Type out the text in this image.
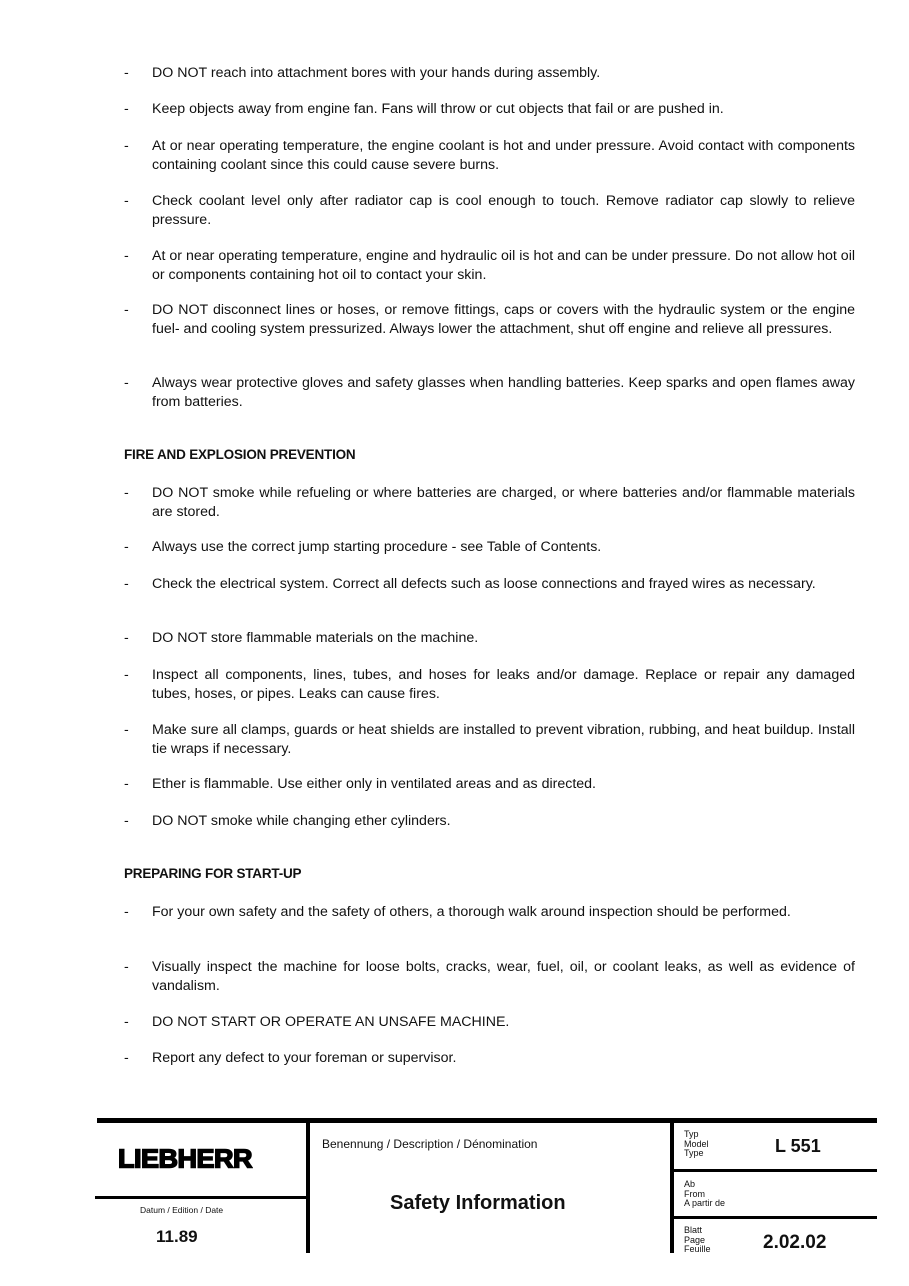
-	DO NOT reach into attachment bores with your hands during assembly.
-	Keep objects away from engine fan. Fans will throw or cut objects that fail or are pushed in.
-	At or near operating temperature, the engine coolant is hot and under pressure. Avoid contact with components containing coolant since this could cause severe burns.
-	Check coolant level only after radiator cap is cool enough to touch. Remove radiator cap slowly to relieve pressure.
-	At or near operating temperature, engine and hydraulic oil is hot and can be under pressure. Do not allow hot oil or components containing hot oil to contact your skin.
-	DO NOT disconnect lines or hoses, or remove fittings, caps or covers with the hydraulic system or the engine fuel- and cooling system pressurized. Always lower the attachment, shut off engine and relieve all pressures.
-	Always wear protective gloves and safety glasses when handling batteries. Keep sparks and open flames away from batteries.
FIRE AND EXPLOSION PREVENTION
-	DO NOT smoke while refueling or where batteries are charged, or where batteries and/or flammable materials are stored.
-	Always use the correct jump starting procedure - see Table of Contents.
-	Check the electrical system. Correct all defects such as loose connections and frayed wires as necessary.
-	DO NOT store flammable materials on the machine.
-	Inspect all components, lines, tubes, and hoses for leaks and/or damage. Replace or repair any damaged tubes, hoses, or pipes. Leaks can cause fires.
-	Make sure all clamps, guards or heat shields are installed to prevent vibration, rubbing, and heat buildup. Install tie wraps if necessary.
-	Ether is flammable. Use either only in ventilated areas and as directed.
-	DO NOT smoke while changing ether cylinders.
PREPARING FOR START-UP
-	For your own safety and the safety of others, a thorough walk around inspection should be performed.
-	Visually inspect the machine for loose bolts, cracks, wear, fuel, oil, or coolant leaks, as well as evidence of vandalism.
-	DO NOT START OR OPERATE AN UNSAFE MACHINE.
-	Report any defect to your foreman or supervisor.
LIEBHERR
Datum / Edition / Date
11.89
Benennung / Description / Dénomination
Safety Information
Typ
Model
Type	L 551
Ab
From
A partir de
Blatt
Page
Feuille	2.02.02
